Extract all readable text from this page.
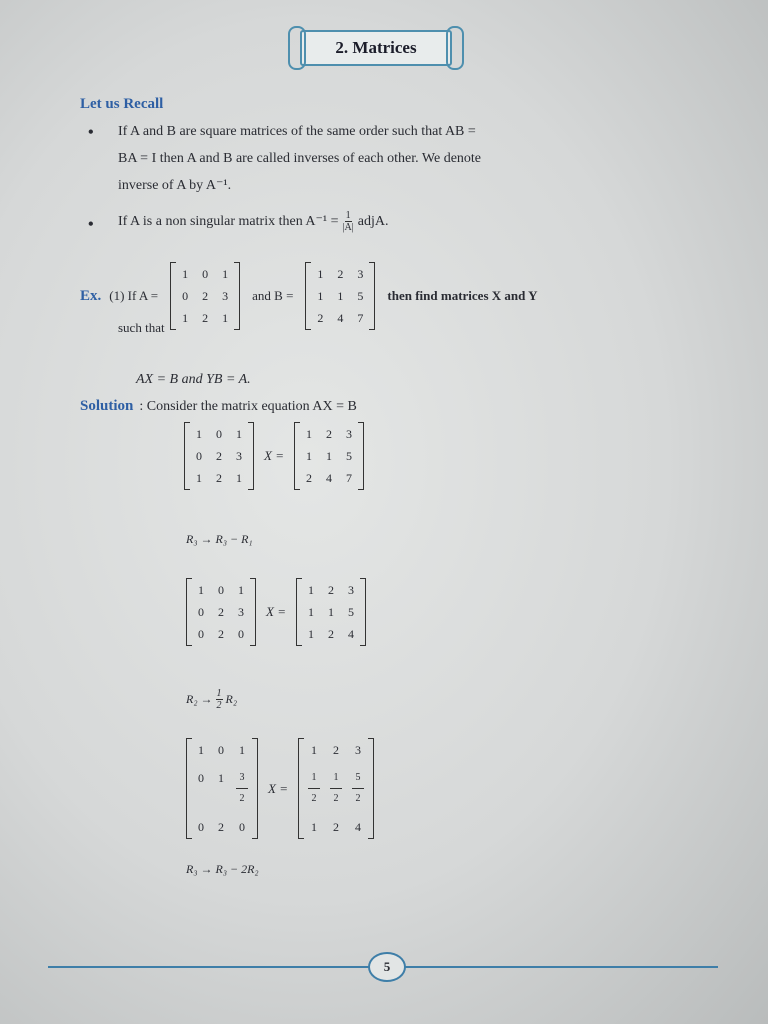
2. Matrices
Let us Recall
• If A and B are square matrices of the same order such that AB =
BA = I then A and B are called inverses of each other. We denote
inverse of A by A⁻¹.
• If A is a non singular matrix then $A^{-1} = \frac{1}{|A|}$ adjA.
Ex. (1) If A =
1 0 1
0 2 3
1 2 1
and B =
1 2 3
1 1 5
2 4 7
then find matrices X and Y
such that
AX = B and YB = A.
Solution : Consider the matrix equation AX = B
1 0 1
0 2 3
1 2 1
X =
1 2 3
1 1 5
2 4 7
R₃ → R₃ − R₁
1 0 1
0 2 3
0 2 0
X =
1 2 3
1 1 5
1 2 4
$R_2 \to \frac{1}{2} R_2$
1 0 1
0 $1 \frac{3}{2}$
0 2 0
X =
1 2 3
$\frac{1}{2} \frac{1}{2} \frac{5}{2}$
1 2 4
R₃ → R₃ − 2R₂
5
